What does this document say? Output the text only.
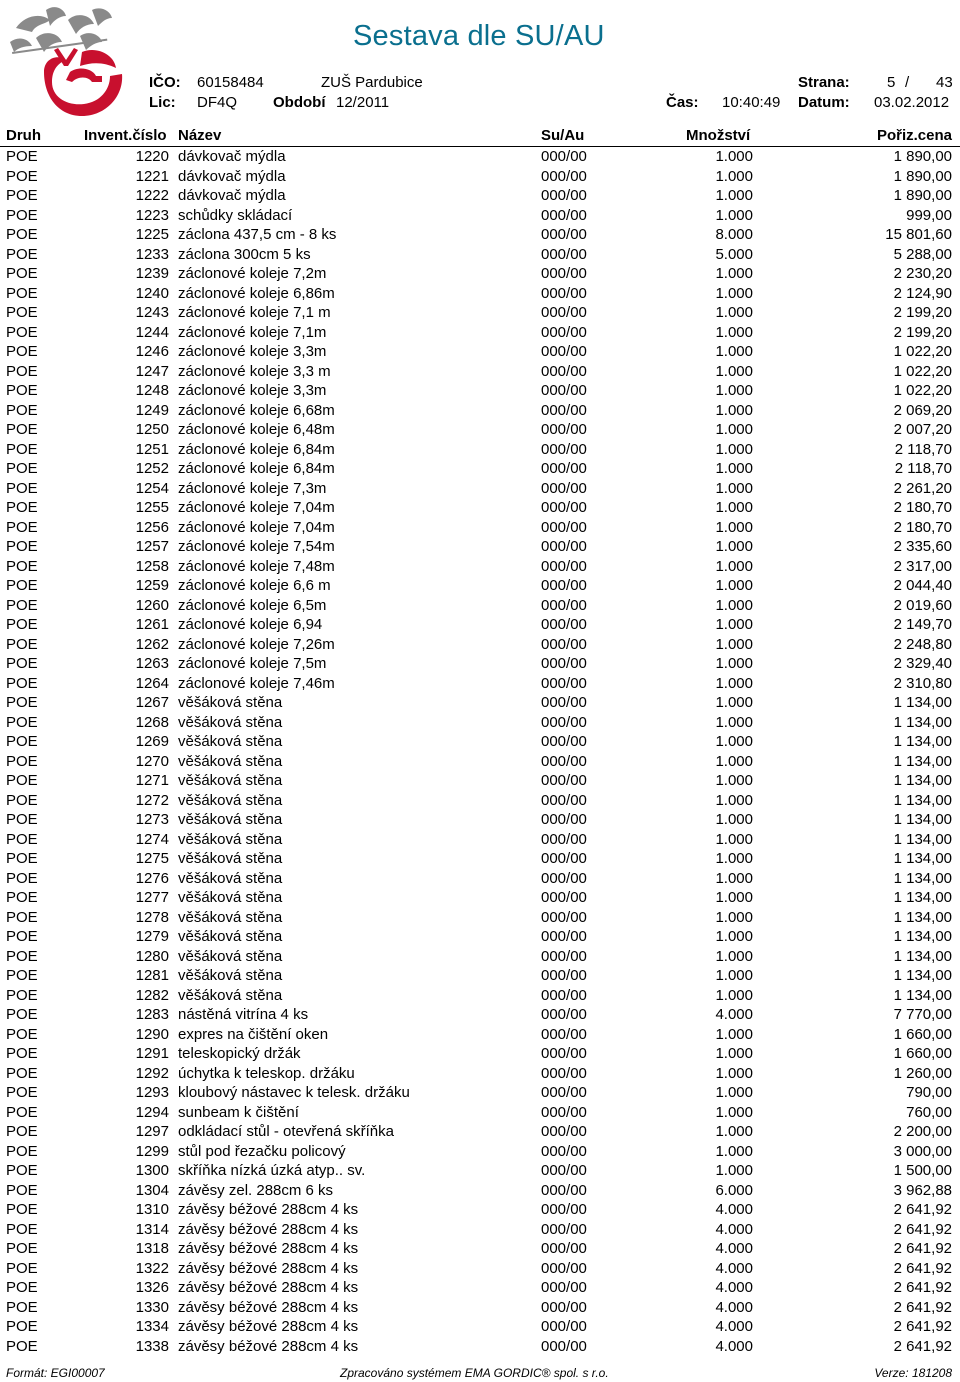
Sestava dle SU/AU
IČO: 60158484	ZUŠ Pardubice	Strana: 5 / 43
Lic: DF4Q Období 12/2011	Čas: 10:40:49 Datum: 03.02.2012
Druh	Invent.číslo Název	Su/Au	Množství	Pořiz.cena
POE	1220 dávkovač mýdla	000/00	1.000	1 890,00
POE	1221 dávkovač mýdla	000/00	1.000	1 890,00
POE	1222 dávkovač mýdla	000/00	1.000	1 890,00
POE	1223 schůdky skládací	000/00	1.000	999,00
POE	1225 záclona 437,5 cm - 8 ks	000/00	8.000	15 801,60
POE	1233 záclona 300cm 5 ks	000/00	5.000	5 288,00
POE	1239 záclonové koleje 7,2m	000/00	1.000	2 230,20
POE	1240 záclonové koleje 6,86m	000/00	1.000	2 124,90
POE	1243 záclonové koleje 7,1 m	000/00	1.000	2 199,20
POE	1244 záclonové koleje 7,1m	000/00	1.000	2 199,20
POE	1246 záclonové koleje 3,3m	000/00	1.000	1 022,20
POE	1247 záclonové koleje 3,3 m	000/00	1.000	1 022,20
POE	1248 záclonové koleje 3,3m	000/00	1.000	1 022,20
POE	1249 záclonové koleje 6,68m	000/00	1.000	2 069,20
POE	1250 záclonové koleje 6,48m	000/00	1.000	2 007,20
POE	1251 záclonové koleje 6,84m	000/00	1.000	2 118,70
POE	1252 záclonové koleje 6,84m	000/00	1.000	2 118,70
POE	1254 záclonové koleje 7,3m	000/00	1.000	2 261,20
POE	1255 záclonové koleje 7,04m	000/00	1.000	2 180,70
POE	1256 záclonové koleje 7,04m	000/00	1.000	2 180,70
POE	1257 záclonové koleje 7,54m	000/00	1.000	2 335,60
POE	1258 záclonové koleje 7,48m	000/00	1.000	2 317,00
POE	1259 záclonové koleje 6,6 m	000/00	1.000	2 044,40
POE	1260 záclonové koleje 6,5m	000/00	1.000	2 019,60
POE	1261 záclonové koleje 6,94	000/00	1.000	2 149,70
POE	1262 záclonové koleje 7,26m	000/00	1.000	2 248,80
POE	1263 záclonové koleje 7,5m	000/00	1.000	2 329,40
POE	1264 záclonové koleje 7,46m	000/00	1.000	2 310,80
POE	1267 věšáková stěna	000/00	1.000	1 134,00
POE	1268 věšáková stěna	000/00	1.000	1 134,00
POE	1269 věšáková stěna	000/00	1.000	1 134,00
POE	1270 věšáková stěna	000/00	1.000	1 134,00
POE	1271 věšáková stěna	000/00	1.000	1 134,00
POE	1272 věšáková stěna	000/00	1.000	1 134,00
POE	1273 věšáková stěna	000/00	1.000	1 134,00
POE	1274 věšáková stěna	000/00	1.000	1 134,00
POE	1275 věšáková stěna	000/00	1.000	1 134,00
POE	1276 věšáková stěna	000/00	1.000	1 134,00
POE	1277 věšáková stěna	000/00	1.000	1 134,00
POE	1278 věšáková stěna	000/00	1.000	1 134,00
POE	1279 věšáková stěna	000/00	1.000	1 134,00
POE	1280 věšáková stěna	000/00	1.000	1 134,00
POE	1281 věšáková stěna	000/00	1.000	1 134,00
POE	1282 věšáková stěna	000/00	1.000	1 134,00
POE	1283 nástěná vitrína 4 ks	000/00	4.000	7 770,00
POE	1290 expres na čištění oken	000/00	1.000	1 660,00
POE	1291 teleskopický držák	000/00	1.000	1 660,00
POE	1292 úchytka k teleskop. držáku	000/00	1.000	1 260,00
POE	1293 kloubový nástavec k telesk. držáku	000/00	1.000	790,00
POE	1294 sunbeam k čištění	000/00	1.000	760,00
POE	1297 odkládací stůl - otevřená skříňka	000/00	1.000	2 200,00
POE	1299 stůl pod řezačku policový	000/00	1.000	3 000,00
POE	1300 skříňka nízká úzká atyp.. sv.	000/00	1.000	1 500,00
POE	1304 závěsy zel. 288cm 6 ks	000/00	6.000	3 962,88
POE	1310 závěsy béžové 288cm 4 ks	000/00	4.000	2 641,92
POE	1314 závěsy béžové 288cm 4 ks	000/00	4.000	2 641,92
POE	1318 závěsy béžové 288cm 4 ks	000/00	4.000	2 641,92
POE	1322 závěsy béžové 288cm 4 ks	000/00	4.000	2 641,92
POE	1326 závěsy béžové 288cm 4 ks	000/00	4.000	2 641,92
POE	1330 závěsy béžové 288cm 4 ks	000/00	4.000	2 641,92
POE	1334 závěsy béžové 288cm 4 ks	000/00	4.000	2 641,92
POE	1338 závěsy béžové 288cm 4 ks	000/00	4.000	2 641,92
Formát: EGI00007	Zpracováno systémem EMA GORDIC® spol. s r.o.	Verze: 181208
